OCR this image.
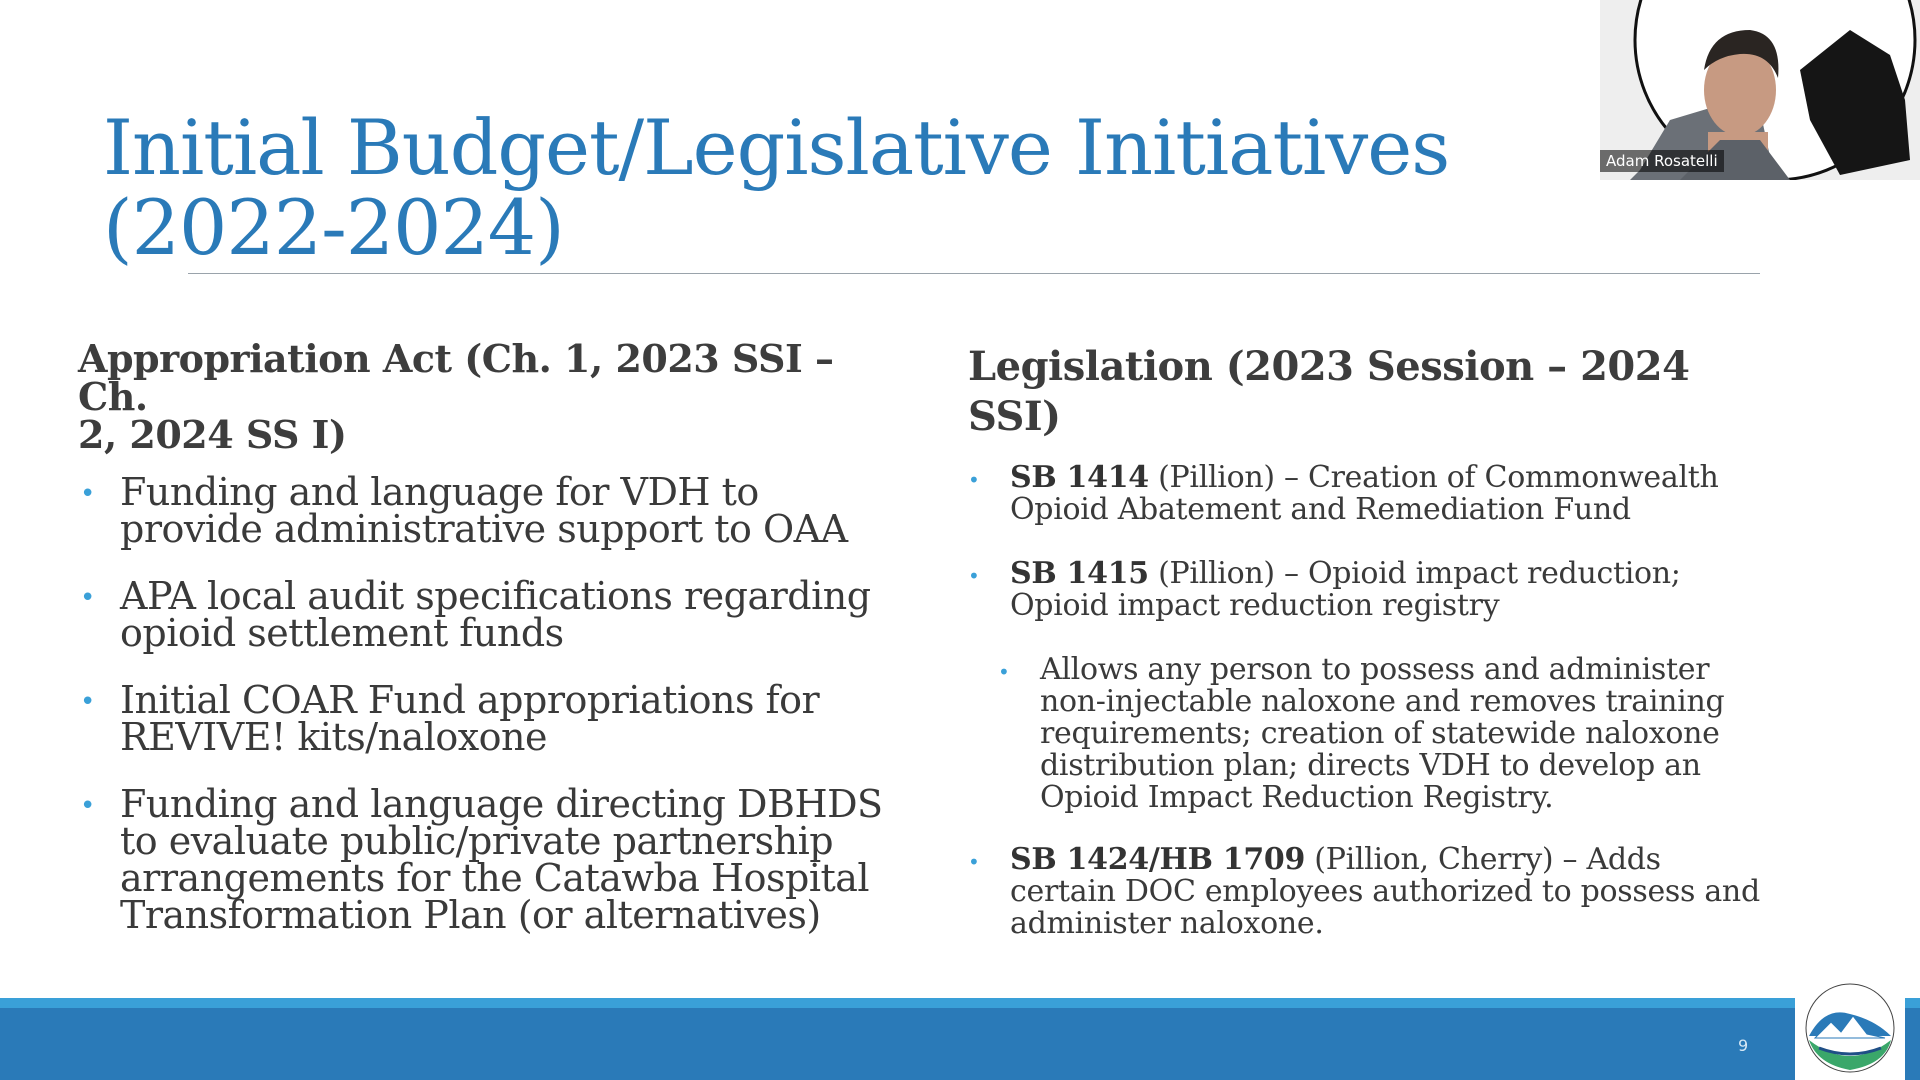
Initial Budget/Legislative Initiatives
(2022-2024)
Appropriation Act (Ch. 1, 2023 SSI – Ch.
2, 2024 SS I)
• Funding and language for VDH to provide administrative support to OAA
• APA local audit specifications regarding opioid settlement funds
• Initial COAR Fund appropriations for REVIVE! kits/naloxone
• Funding and language directing DBHDS to evaluate public/private partnership arrangements for the Catawba Hospital Transformation Plan (or alternatives)
Legislation (2023 Session – 2024 SSI)
• SB 1414 (Pillion) – Creation of Commonwealth Opioid Abatement and Remediation Fund
• SB 1415 (Pillion) – Opioid impact reduction; Opioid impact reduction registry
• Allows any person to possess and administer non-injectable naloxone and removes training requirements; creation of statewide naloxone distribution plan; directs VDH to develop an Opioid Impact Reduction Registry.
• SB 1424/HB 1709 (Pillion, Cherry) – Adds certain DOC employees authorized to possess and administer naloxone.
9
Adam Rosatelli
